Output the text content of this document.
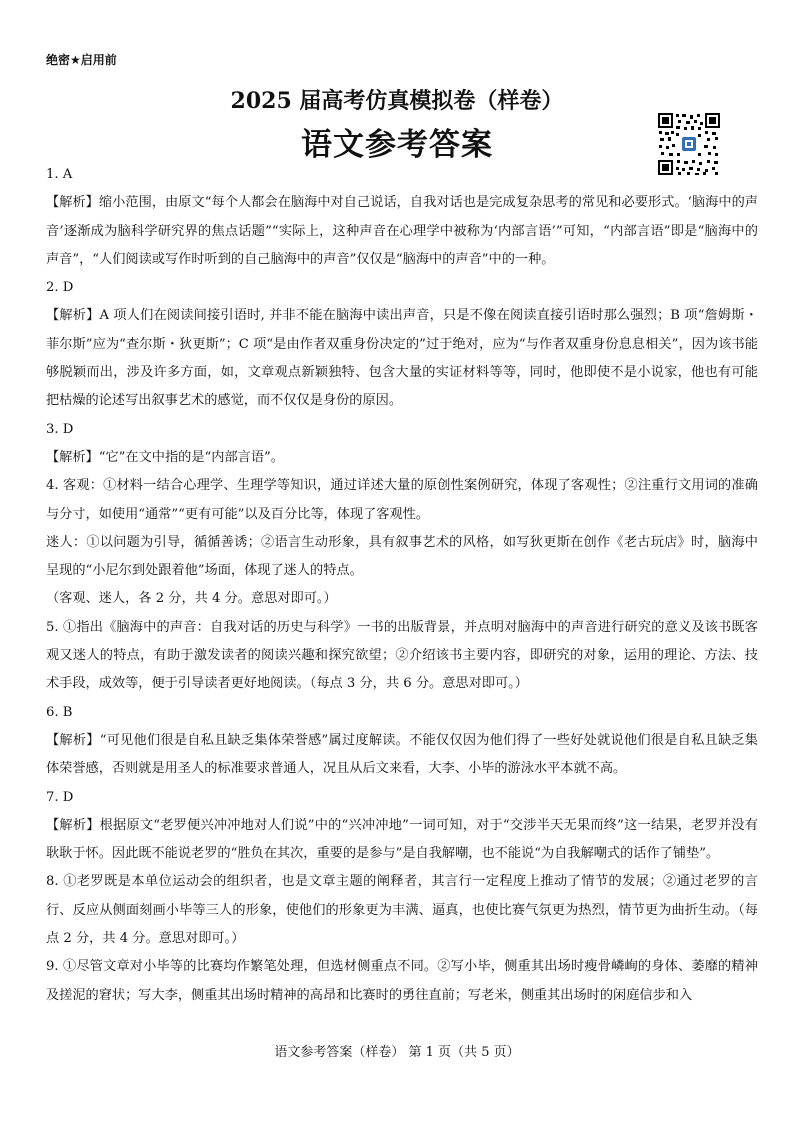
绝密★启用前
2025 届高考仿真模拟卷（样卷）
语文参考答案

1. A

【解析】缩小范围，由原文“每个人都会在脑海中对自己说话，自我对话也是完成复杂思考的常见和必要形式。‘脑海中的声音’逐渐成为脑科学研究界的焦点话题”“实际上，这种声音在心理学中被称为‘内部言语’”可知，“内部言语”即是“脑海中的声音”，“人们阅读或写作时听到的自己脑海中的声音”仅仅是“脑海中的声音”中的一种。

2. D

【解析】A 项人们在阅读间接引语时, 并非不能在脑海中读出声音，只是不像在阅读直接引语时那么强烈；B 项“詹姆斯・菲尔斯”应为“查尔斯・狄更斯”；C 项“是由作者双重身份决定的”过于绝对，应为“与作者双重身份息息相关”，因为该书能够脱颖而出，涉及许多方面，如，文章观点新颖独特、包含大量的实证材料等等，同时，他即使不是小说家，他也有可能把枯燥的论述写出叙事艺术的感觉，而不仅仅是身份的原因。

3. D

【解析】“它”在文中指的是“内部言语”。

4. 客观：①材料一结合心理学、生理学等知识，通过详述大量的原创性案例研究，体现了客观性；②注重行文用词的准确与分寸，如使用“通常”“更有可能”以及百分比等，体现了客观性。

迷人：①以问题为引导，循循善诱；②语言生动形象，具有叙事艺术的风格，如写狄更斯在创作《老古玩店》时，脑海中呈现的“小尼尔到处跟着他”场面，体现了迷人的特点。

（客观、迷人，各 2 分，共 4 分。意思对即可。）

5. ①指出《脑海中的声音：自我对话的历史与科学》一书的出版背景，并点明对脑海中的声音进行研究的意义及该书既客观又迷人的特点，有助于激发读者的阅读兴趣和探究欲望；②介绍该书主要内容，即研究的对象，运用的理论、方法、技术手段，成效等，便于引导读者更好地阅读。（每点 3 分，共 6 分。意思对即可。）

6. B

【解析】“可见他们很是自私且缺乏集体荣誉感”属过度解读。不能仅仅因为他们得了一些好处就说他们很是自私且缺乏集体荣誉感，否则就是用圣人的标准要求普通人，况且从后文来看，大李、小毕的游泳水平本就不高。

7. D

【解析】根据原文“老罗便兴冲冲地对人们说”中的“兴冲冲地”一词可知，对于“交涉半天无果而终”这一结果，老罗并没有耿耿于怀。因此既不能说老罗的“胜负在其次，重要的是参与”是自我解嘲，也不能说“为自我解嘲式的话作了铺垫”。

8. ①老罗既是本单位运动会的组织者，也是文章主题的阐释者，其言行一定程度上推动了情节的发展；②通过老罗的言行、反应从侧面刻画小毕等三人的形象，使他们的形象更为丰满、逼真，也使比赛气氛更为热烈，情节更为曲折生动。（每点 2 分，共 4 分。意思对即可。）

9. ①尽管文章对小毕等的比赛均作繁笔处理，但选材侧重点不同。②写小毕，侧重其出场时瘦骨嶙峋的身体、萎靡的精神及搓泥的窘状；写大李，侧重其出场时精神的高昂和比赛时的勇往直前；写老米，侧重其出场时的闲庭信步和入

语文参考答案（样卷） 第 1 页（共 5 页）
